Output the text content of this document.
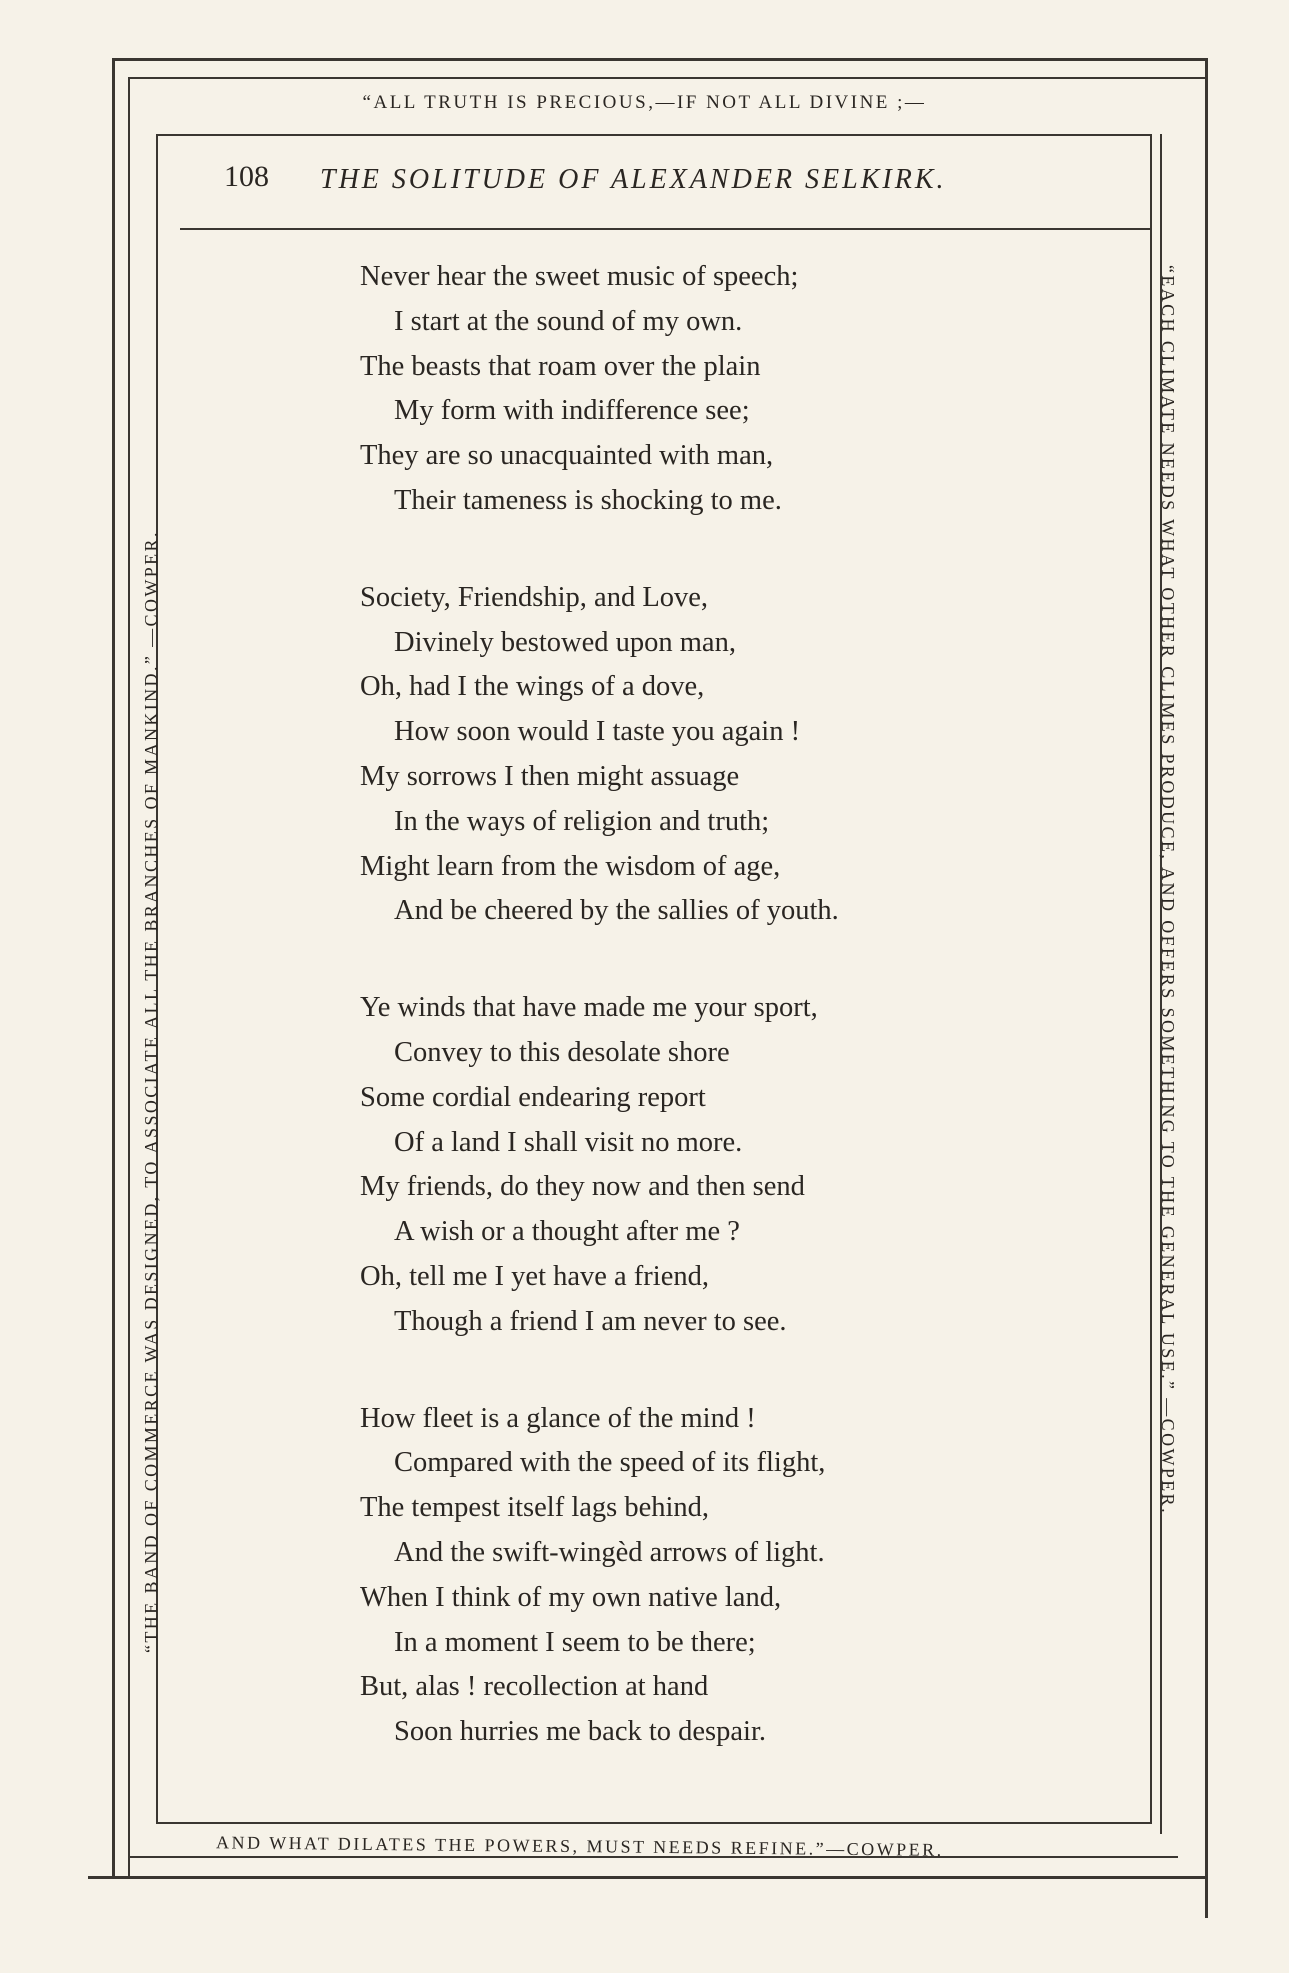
“ALL TRUTH IS PRECIOUS,—IF NOT ALL DIVINE ;—
108 THE SOLITUDE OF ALEXANDER SELKIRK.
“THE BAND OF COMMERCE WAS DESIGNED, TO ASSOCIATE ALL THE BRANCHES OF MANKIND.” —COWPER.	“EACH CLIMATE NEEDS WHAT OTHER CLIMES PRODUCE, AND OFFERS SOMETHING TO THE GENERAL USE.” —COWPER.
AND WHAT DILATES THE POWERS, MUST NEEDS REFINE.”—COWPER.
Never hear the sweet music of speech;
I start at the sound of my own.
The beasts that roam over the plain
My form with indifference see;
They are so unacquainted with man,
Their tameness is shocking to me.
Society, Friendship, and Love,
Divinely bestowed upon man,
Oh, had I the wings of a dove,
How soon would I taste you again !
My sorrows I then might assuage
In the ways of religion and truth;
Might learn from the wisdom of age,
And be cheered by the sallies of youth.
Ye winds that have made me your sport,
Convey to this desolate shore
Some cordial endearing report
Of a land I shall visit no more.
My friends, do they now and then send
A wish or a thought after me ?
Oh, tell me I yet have a friend,
Though a friend I am never to see.
How fleet is a glance of the mind !
Compared with the speed of its flight,
The tempest itself lags behind,
And the swift-wingèd arrows of light.
When I think of my own native land,
In a moment I seem to be there;
But, alas ! recollection at hand
Soon hurries me back to despair.
